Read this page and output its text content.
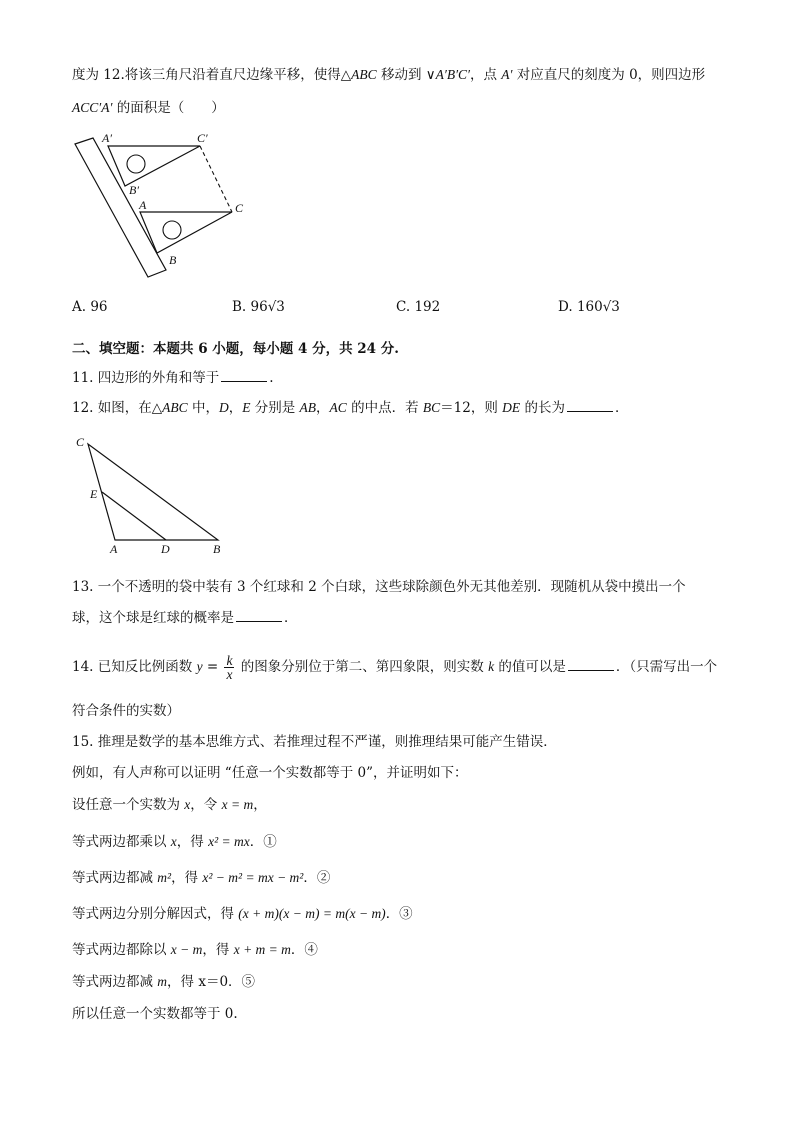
度为 12.将该三角尺沿着直尺边缘平移，使得△ABC 移动到 ∨A′B′C′，点 A′ 对应直尺的刻度为 0，则四边形
ACC′A′ 的面积是（　　）
A′	C′
B′
A	C
B
A. 96	B. 96√3	C. 192	D. 160√3
二、填空题：本题共 6 小题，每小题 4 分，共 24 分.
11. 四边形的外角和等于	.
12. 如图，在△ABC 中，D，E 分别是 AB，AC 的中点．若 BC＝12，则 DE 的长为	．
C
E
A	D	B
13. 一个不透明的袋中装有 3 个红球和 2 个白球，这些球除颜色外无其他差别．现随机从袋中摸出一个
球，这个球是红球的概率是	．
14. 已知反比例函数 $y = \frac{k}{x}$ 的图象分别位于第二、第四象限，则实数 k 的值可以是	．（只需写出一个
符合条件的实数）
15. 推理是数学的基本思维方式、若推理过程不严谨，则推理结果可能产生错误．
例如，有人声称可以证明 “任意一个实数都等于 0”，并证明如下：
设任意一个实数为 x，令 x = m，
等式两边都乘以 x，得 x² = mx．①
等式两边都减 m²，得 x² − m² = mx − m²．②
等式两边分别分解因式，得 (x + m)(x − m) = m(x − m)．③
等式两边都除以 x − m，得 x + m = m．④
等式两边都减 m，得 x＝0．⑤
所以任意一个实数都等于 0.
